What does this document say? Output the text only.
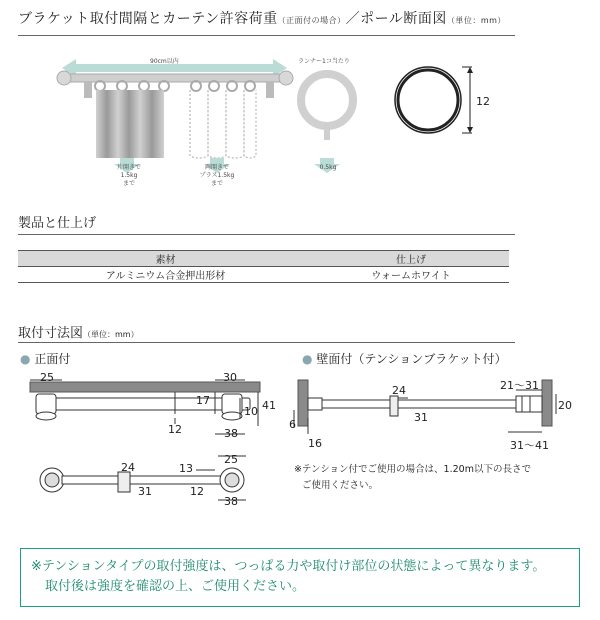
ブラケット取付間隔とカーテン許容荷重（正面付の場合）／ポール断面図（単位：mm）
90cm以内	ランナー1コ当たり
片開きで
1.5kg
まで
両開きで
プラス1.5kg
まで
0.5kg
12
製品と仕上げ
素材	仕上げ
アルミニウム合金押出形材	ウォームホワイト
取付寸法図（単位：mm）
● 正面付	● 壁面付（テンションブラケット付）
25	30
17	41
10
12	38
24
31
13
25
12
38
21〜31
24
6
31
20
16	31〜41
※テンション付でご使用の場合は、1.20m以下の長さで
ご使用ください。
※テンションタイプの取付強度は、つっぱる力や取付け部位の状態によって異なります。
取付後は強度を確認の上、ご使用ください。
